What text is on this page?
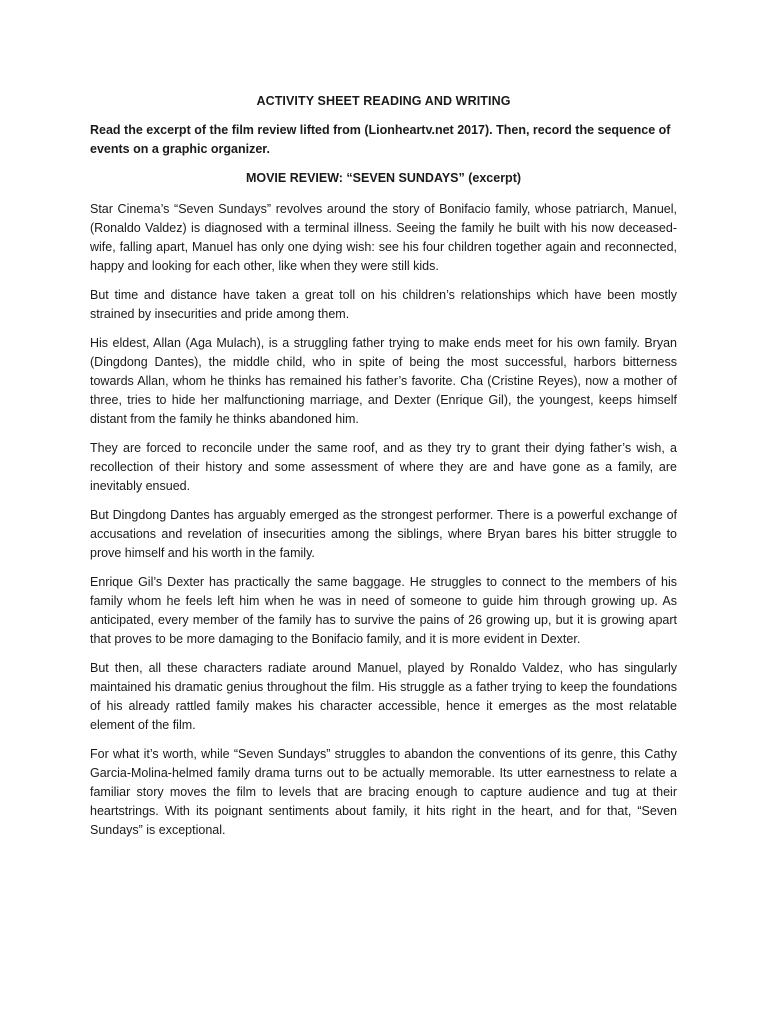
ACTIVITY SHEET READING AND WRITING
Read the excerpt of the film review lifted from (Lionheartv.net 2017). Then, record the sequence of events on a graphic organizer.
MOVIE REVIEW: “SEVEN SUNDAYS” (excerpt)

Star Cinema’s “Seven Sundays” revolves around the story of Bonifacio family, whose patriarch, Manuel, (Ronaldo Valdez) is diagnosed with a terminal illness. Seeing the family he built with his now deceased-wife, falling apart, Manuel has only one dying wish: see his four children together again and reconnected, happy and looking for each other, like when they were still kids.

But time and distance have taken a great toll on his children’s relationships which have been mostly strained by insecurities and pride among them.

His eldest, Allan (Aga Mulach), is a struggling father trying to make ends meet for his own family. Bryan (Dingdong Dantes), the middle child, who in spite of being the most successful, harbors bitterness towards Allan, whom he thinks has remained his father’s favorite. Cha (Cristine Reyes), now a mother of three, tries to hide her malfunctioning marriage, and Dexter (Enrique Gil), the youngest, keeps himself distant from the family he thinks abandoned him.

They are forced to reconcile under the same roof, and as they try to grant their dying father’s wish, a recollection of their history and some assessment of where they are and have gone as a family, are inevitably ensued.

But Dingdong Dantes has arguably emerged as the strongest performer. There is a powerful exchange of accusations and revelation of insecurities among the siblings, where Bryan bares his bitter struggle to prove himself and his worth in the family.

Enrique Gil’s Dexter has practically the same baggage. He struggles to connect to the members of his family whom he feels left him when he was in need of someone to guide him through growing up. As anticipated, every member of the family has to survive the pains of 26 growing up, but it is growing apart that proves to be more damaging to the Bonifacio family, and it is more evident in Dexter.

But then, all these characters radiate around Manuel, played by Ronaldo Valdez, who has singularly maintained his dramatic genius throughout the film. His struggle as a father trying to keep the foundations of his already rattled family makes his character accessible, hence it emerges as the most relatable element of the film.

For what it’s worth, while “Seven Sundays” struggles to abandon the conventions of its genre, this Cathy Garcia-Molina-helmed family drama turns out to be actually memorable. Its utter earnestness to relate a familiar story moves the film to levels that are bracing enough to capture audience and tug at their heartstrings. With its poignant sentiments about family, it hits right in the heart, and for that, “Seven Sundays” is exceptional.
